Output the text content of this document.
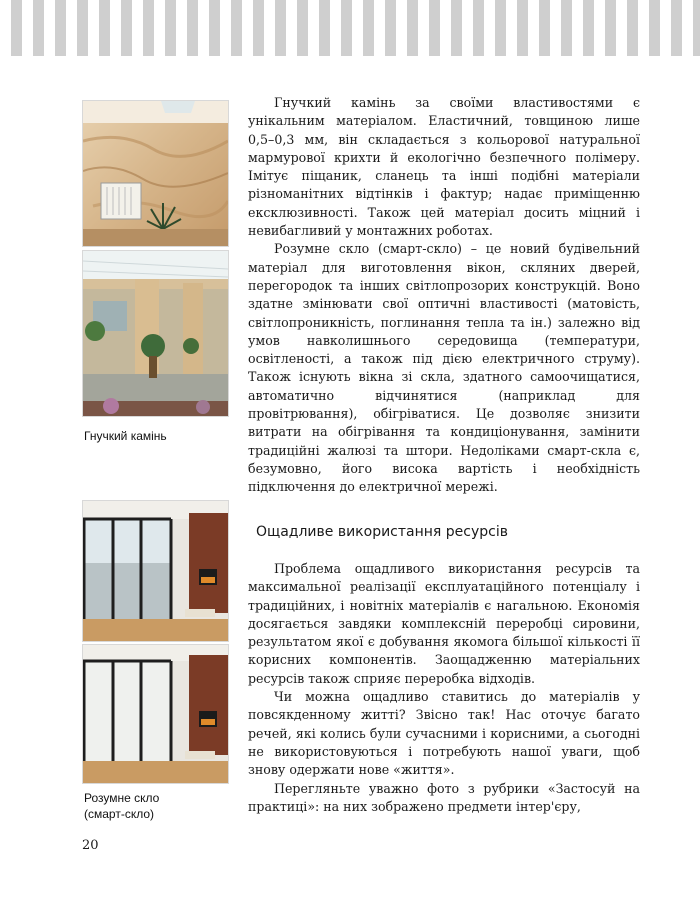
Гнучкий камінь
Розумне скло (смарт-скло)

Гнучкий камінь за своїми властивостями є унікальним матеріалом. Еластичний, товщиною лише 0,5–0,3 мм, він складається з кольорової натуральної мармурової крихти й екологічно безпечного полімеру. Імітує піщаник, сланець та інші подібні матеріали різноманітних відтінків і фактур; надає приміщенню ексклюзивності. Також цей матеріал досить міцний і невибагливий у монтажних роботах.

Розумне скло (смарт-скло) – це новий будівельний матеріал для виготовлення вікон, скляних дверей, перегородок та інших світлопрозорих конструкцій. Воно здатне змінювати свої оптичні властивості (матовість, світлопроникність, поглинання тепла та ін.) залежно від умов навколишнього середовища (температури, освітленості, а також під дією електричного струму). Також існують вікна зі скла, здатного самоочищатися, автоматично відчинятися (наприклад для провітрювання), обігріватися. Це дозволяє знизити витрати на обігрівання та кондиціонування, замінити традиційні жалюзі та штори. Недоліками смарт-скла є, безумовно, його висока вартість і необхідність підключення до електричної мережі.

Ощадливе використання ресурсів

Проблема ощадливого використання ресурсів та максимальної реалізації експлуатаційного потенціалу і традиційних, і новітніх матеріалів є нагальною. Економія досягається завдяки комплексній переробці сировини, результатом якої є добування якомога більшої кількості її корисних компонентів. Заощадженню матеріальних ресурсів також сприяє переробка відходів.

Чи можна ощадливо ставитись до матеріалів у повсякденному житті? Звісно так! Нас оточує багато речей, які колись були сучасними і корисними, а сьогодні не використовуються і потребують нашої уваги, щоб знову одержати нове «життя».

Перегляньте уважно фото з рубрики «Застосуй на практиці»: на них зображено предмети інтер'єру,

20
